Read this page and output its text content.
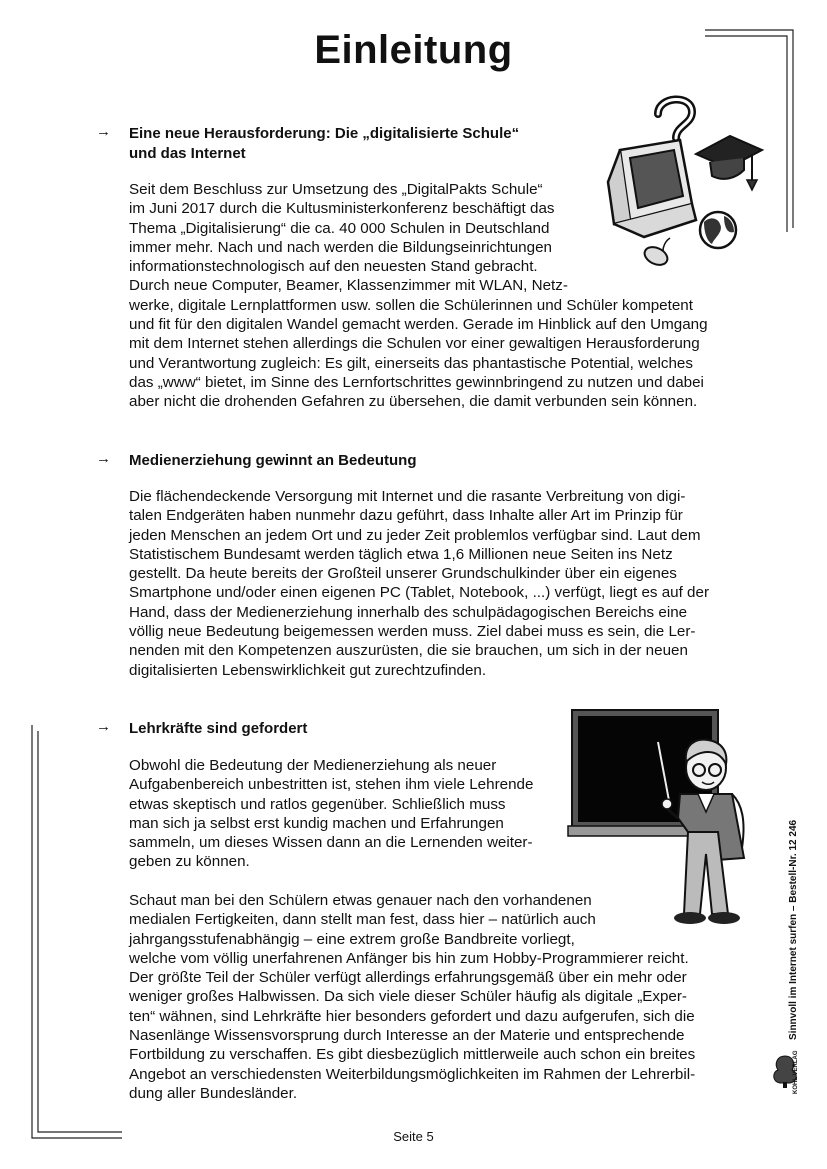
Einleitung
→ Eine neue Herausforderung: Die „digitalisierte Schule“
und das Internet
Seit dem Beschluss zur Umsetzung des „DigitalPakts Schule“
im Juni 2017 durch die Kultusministerkonferenz beschäftigt das
Thema „Digitalisierung“ die ca. 40 000 Schulen in Deutschland
immer mehr. Nach und nach werden die Bildungseinrichtungen
informationstechnologisch auf den neuesten Stand gebracht.
Durch neue Computer, Beamer, Klassenzimmer mit WLAN, Netz-
werke, digitale Lernplattformen usw. sollen die Schülerinnen und Schüler kompetent
und fit für den digitalen Wandel gemacht werden. Gerade im Hinblick auf den Umgang
mit dem Internet stehen allerdings die Schulen vor einer gewaltigen Herausforderung
und Verantwortung zugleich: Es gilt, einerseits das phantastische Potential, welches
das „www“ bietet, im Sinne des Lernfortschrittes gewinnbringend zu nutzen und dabei
aber nicht die drohenden Gefahren zu übersehen, die damit verbunden sein können.
→ Medienerziehung gewinnt an Bedeutung
Die flächendeckende Versorgung mit Internet und die rasante Verbreitung von digi-
talen Endgeräten haben nunmehr dazu geführt, dass Inhalte aller Art im Prinzip für
jeden Menschen an jedem Ort und zu jeder Zeit problemlos verfügbar sind. Laut dem
Statistischem Bundesamt werden täglich etwa 1,6 Millionen neue Seiten ins Netz
gestellt. Da heute bereits der Großteil unserer Grundschulkinder über ein eigenes
Smartphone und/oder einen eigenen PC (Tablet, Notebook, ...) verfügt, liegt es auf der
Hand, dass der Medienerziehung innerhalb des schulpädagogischen Bereichs eine
völlig neue Bedeutung beigemessen werden muss. Ziel dabei muss es sein, die Ler-
nenden mit den Kompetenzen auszurüsten, die sie brauchen, um sich in der neuen
digitalisierten Lebenswirklichkeit gut zurechtzufinden.
→ Lehrkräfte sind gefordert
Obwohl die Bedeutung der Medienerziehung als neuer
Aufgabenbereich unbestritten ist, stehen ihm viele Lehrende
etwas skeptisch und ratlos gegenüber. Schließlich muss
man sich ja selbst erst kundig machen und Erfahrungen
sammeln, um dieses Wissen dann an die Lernenden weiter-
geben zu können.
Schaut man bei den Schülern etwas genauer nach den vorhandenen
medialen Fertigkeiten, dann stellt man fest, dass hier – natürlich auch
jahrgangsstufenabhängig – eine extrem große Bandbreite vorliegt,
welche vom völlig unerfahrenen Anfänger bis hin zum Hobby-Programmierer reicht.
Der größte Teil der Schüler verfügt allerdings erfahrungsgemäß über ein mehr oder
weniger großes Halbwissen. Da sich viele dieser Schüler häufig als digitale „Exper-
ten“ wähnen, sind Lehrkräfte hier besonders gefordert und dazu aufgerufen, sich die
Nasenlänge Wissensvorsprung durch Interesse an der Materie und entsprechende
Fortbildung zu verschaffen. Es gibt diesbezüglich mittlerweile auch schon ein breites
Angebot an verschiedensten Weiterbildungsmöglichkeiten im Rahmen der Lehrerbil-
dung aller Bundesländer.
Sinnvoll im Internet surfen – Bestell-Nr. 12 246
KOHL VERLAG
Seite 5
